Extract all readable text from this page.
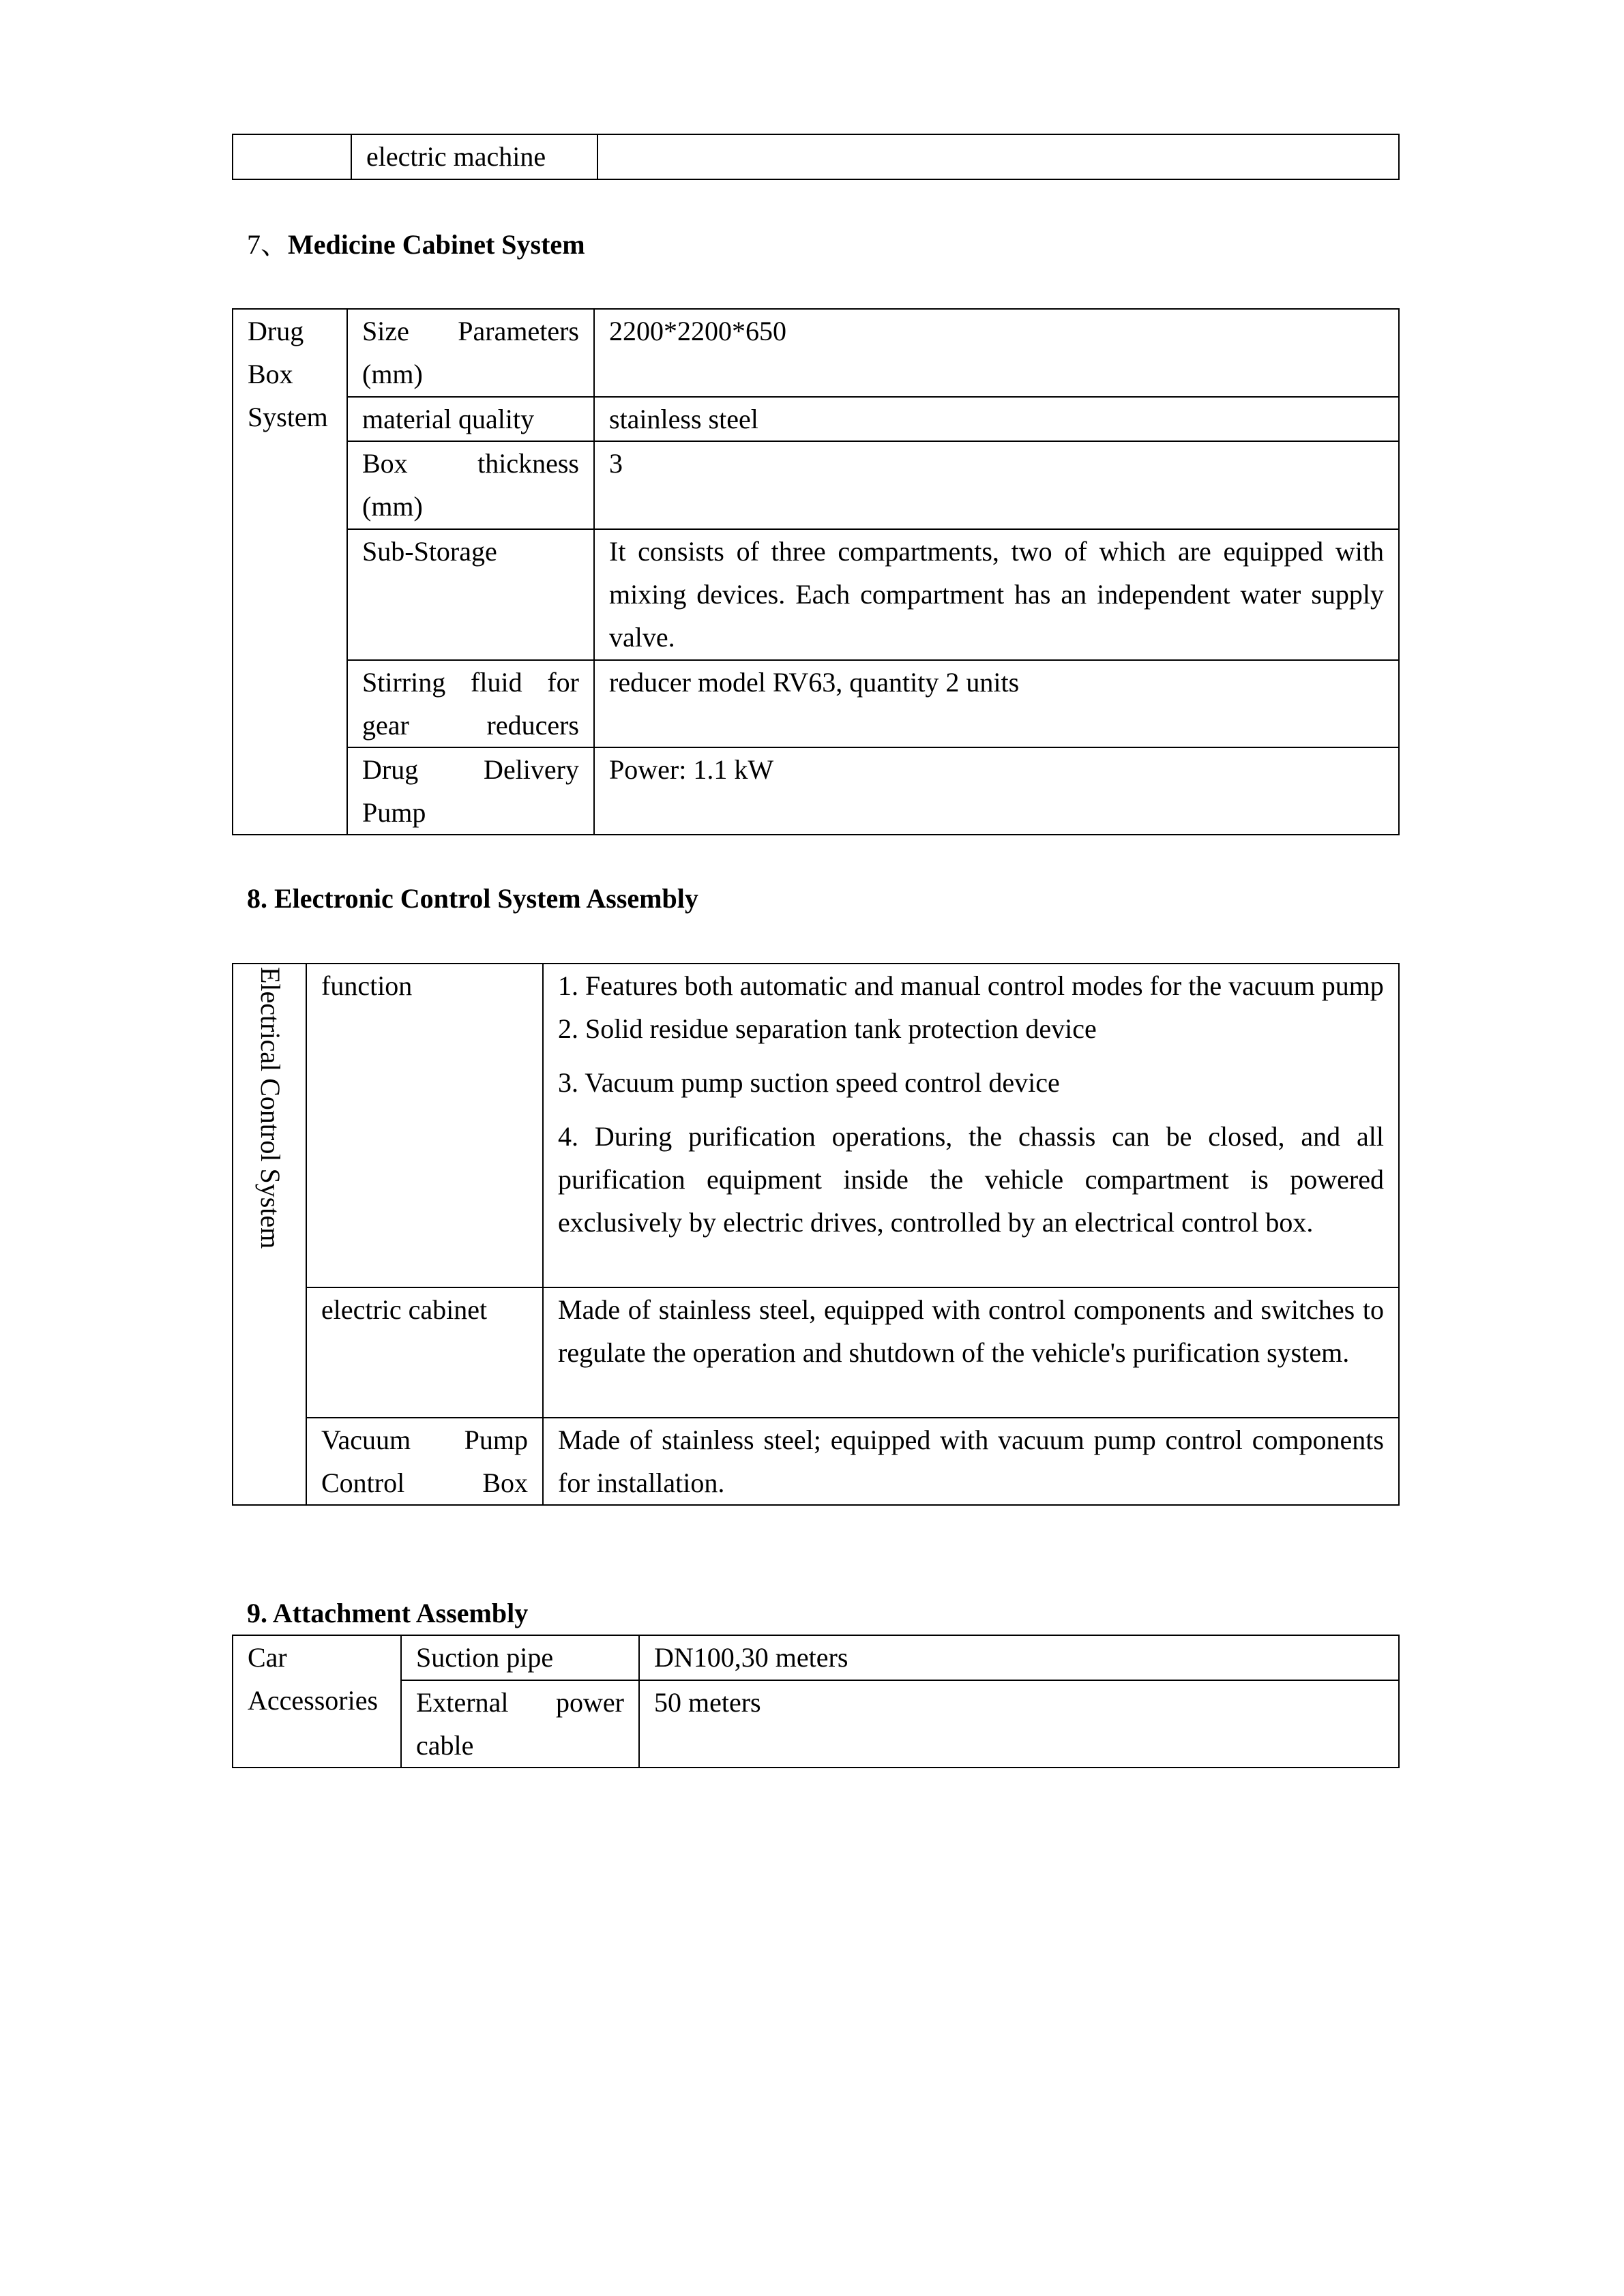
	electric machine	

7、Medicine Cabinet System

Drug Box System	Size Parameters (mm)	2200*2200*650
	material quality	stainless steel
	Box thickness (mm)	3
	Sub-Storage	It consists of three compartments, two of which are equipped with mixing devices. Each compartment has an independent water supply valve.
	Stirring fluid for gear reducers	reducer model RV63, quantity 2 units
	Drug Delivery Pump	Power: 1.1 kW

8. Electronic Control System Assembly

Electrical Control System	function	1. Features both automatic and manual control modes for the vacuum pump
2. Solid residue separation tank protection device
3. Vacuum pump suction speed control device
4. During purification operations, the chassis can be closed, and all purification equipment inside the vehicle compartment is powered exclusively by electric drives, controlled by an electrical control box.

	electric cabinet	Made of stainless steel, equipped with control components and switches to regulate the operation and shutdown of the vehicle's purification system.
	Vacuum Pump Control Box	Made of stainless steel; equipped with vacuum pump control components for installation.

9. Attachment Assembly

Car Accessories	Suction pipe	DN100,30 meters
	External power cable	50 meters
